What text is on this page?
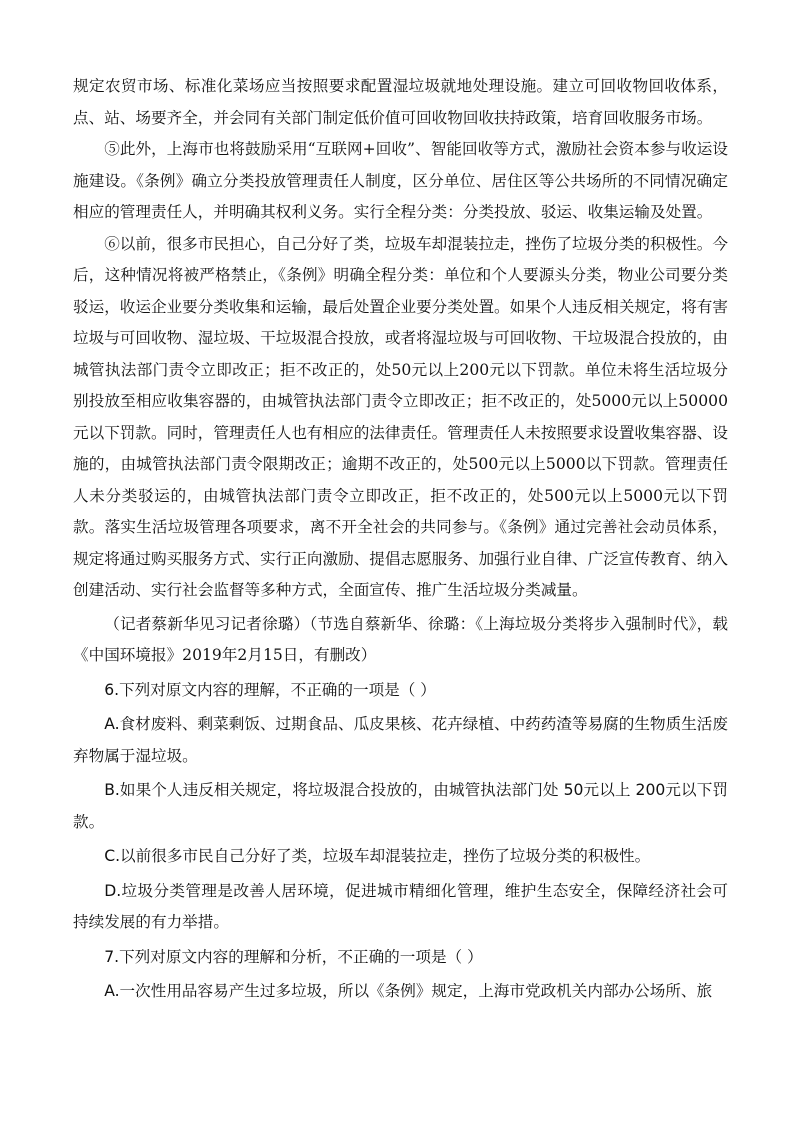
规定农贸市场、标准化菜场应当按照要求配置湿垃圾就地处理设施。建立可回收物回收体系，点、站、场要齐全，并会同有关部门制定低价值可回收物回收扶持政策，培育回收服务市场。

⑤此外，上海市也将鼓励采用“互联网+回收”、智能回收等方式，激励社会资本参与收运设施建设。《条例》确立分类投放管理责任人制度，区分单位、居住区等公共场所的不同情况确定相应的管理责任人，并明确其权利义务。实行全程分类：分类投放、驳运、收集运输及处置。

⑥以前，很多市民担心，自己分好了类，垃圾车却混装拉走，挫伤了垃圾分类的积极性。今后，这种情况将被严格禁止，《条例》明确全程分类：单位和个人要源头分类，物业公司要分类驳运，收运企业要分类收集和运输，最后处置企业要分类处置。如果个人违反相关规定，将有害垃圾与可回收物、湿垃圾、干垃圾混合投放，或者将湿垃圾与可回收物、干垃圾混合投放的，由城管执法部门责令立即改正；拒不改正的，处50元以上200元以下罚款。单位未将生活垃圾分别投放至相应收集容器的，由城管执法部门责令立即改正；拒不改正的，处5000元以上50000元以下罚款。同时，管理责任人也有相应的法律责任。管理责任人未按照要求设置收集容器、设施的，由城管执法部门责令限期改正；逾期不改正的，处500元以上5000以下罚款。管理责任人未分类驳运的，由城管执法部门责令立即改正，拒不改正的，处500元以上5000元以下罚款。落实生活垃圾管理各项要求，离不开全社会的共同参与。《条例》通过完善社会动员体系，规定将通过购买服务方式、实行正向激励、提倡志愿服务、加强行业自律、广泛宣传教育、纳入创建活动、实行社会监督等多种方式，全面宣传、推广生活垃圾分类减量。

（记者蔡新华见习记者徐璐）（节选自蔡新华、徐璐：《上海垃圾分类将步入强制时代》，载《中国环境报》2019年2月15日，有删改）

6.下列对原文内容的理解，不正确的一项是（ ）

A.食材废料、剩菜剩饭、过期食品、瓜皮果核、花卉绿植、中药药渣等易腐的生物质生活废弃物属于湿垃圾。

B.如果个人违反相关规定，将垃圾混合投放的，由城管执法部门处 50元以上 200元以下罚款。

C.以前很多市民自己分好了类，垃圾车却混装拉走，挫伤了垃圾分类的积极性。

D.垃圾分类管理是改善人居环境，促进城市精细化管理，维护生态安全，保障经济社会可持续发展的有力举措。

7.下列对原文内容的理解和分析，不正确的一项是（ ）

A.一次性用品容易产生过多垃圾，所以《条例》规定，上海市党政机关内部办公场所、旅
